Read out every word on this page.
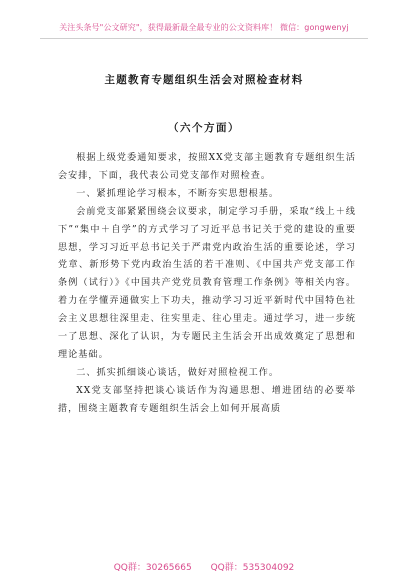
关注头条号"公文研究"，获得最新最全最专业的公文资料库！ 微信：gongwenyj
主题教育专题组织生活会对照检查材料
（六个方面）

根据上级党委通知要求，按照XX党支部主题教育专题组织生活会安排，下面，我代表公司党支部作对照检查。

一、紧抓理论学习根本，不断夯实思想根基。

会前党支部紧紧围绕会议要求，制定学习手册，采取“线上＋线下”“集中＋自学”的方式学习了习近平总书记关于党的建设的重要思想，学习习近平总书记关于严肃党内政治生活的重要论述，学习党章、新形势下党内政治生活的若干准则、《中国共产党支部工作条例（试行）》《中国共产党党员教育管理工作条例》等相关内容。着力在学懂弄通做实上下功夫，推动学习习近平新时代中国特色社会主义思想往深里走、往实里走、往心里走。通过学习，进一步统一了思想、深化了认识，为专题民主生活会开出成效奠定了思想和理论基础。

二、抓实抓细谈心谈话，做好对照检视工作。

XX党支部坚持把谈心谈话作为沟通思想、增进团结的必要举措，围绕主题教育专题组织生活会上如何开展高质

QQ群：30265665 QQ群：535304092
